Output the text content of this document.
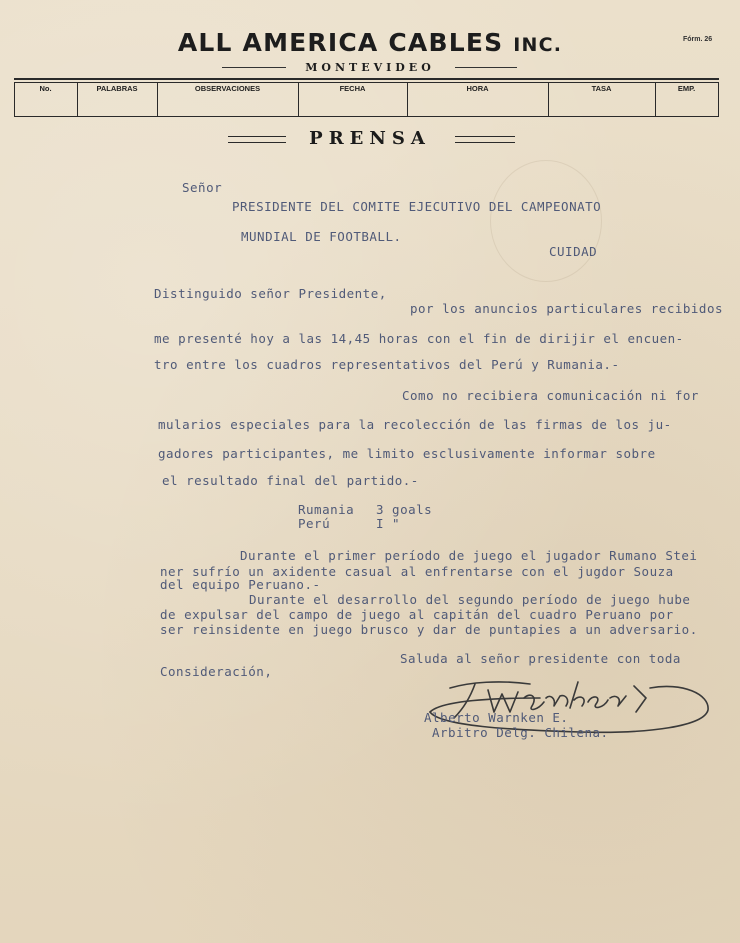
ALL AMERICA CABLES INC.	Fórm. 26
MONTEVIDEO
No.	PALABRAS	OBSERVACIONES	FECHA	HORA	TASA	EMP.
PRENSA
Señor
PRESIDENTE DEL COMITE EJECUTIVO DEL CAMPEONATO
MUNDIAL DE FOOTBALL.
CUIDAD
Distinguido señor Presidente,
por los anuncios particulares recibidos
me presenté hoy a las 14,45 horas con el fin de dirijir el encuen-
tro entre los cuadros representativos del Perú y Rumania.-
Como no recibiera comunicación ni for
mularios especiales para la recolección de las firmas de los ju-
gadores participantes, me limito esclusivamente informar sobre
el resultado final del partido.-
Rumania 3 goals
Perú	I "
Durante el primer período de juego el jugador Rumano Stei
ner sufrío un axidente casual al enfrentarse con el jugdor Souza
del equipo Peruano.-
Durante el desarrollo del segundo período de juego hube
de expulsar del campo de juego al capitán del cuadro Peruano por
ser reinsidente en juego brusco y dar de puntapies a un adversario.
Saluda al señor presidente con toda
Consideración,
Alberto Warnken E.
Arbitro Delg. Chilena.
